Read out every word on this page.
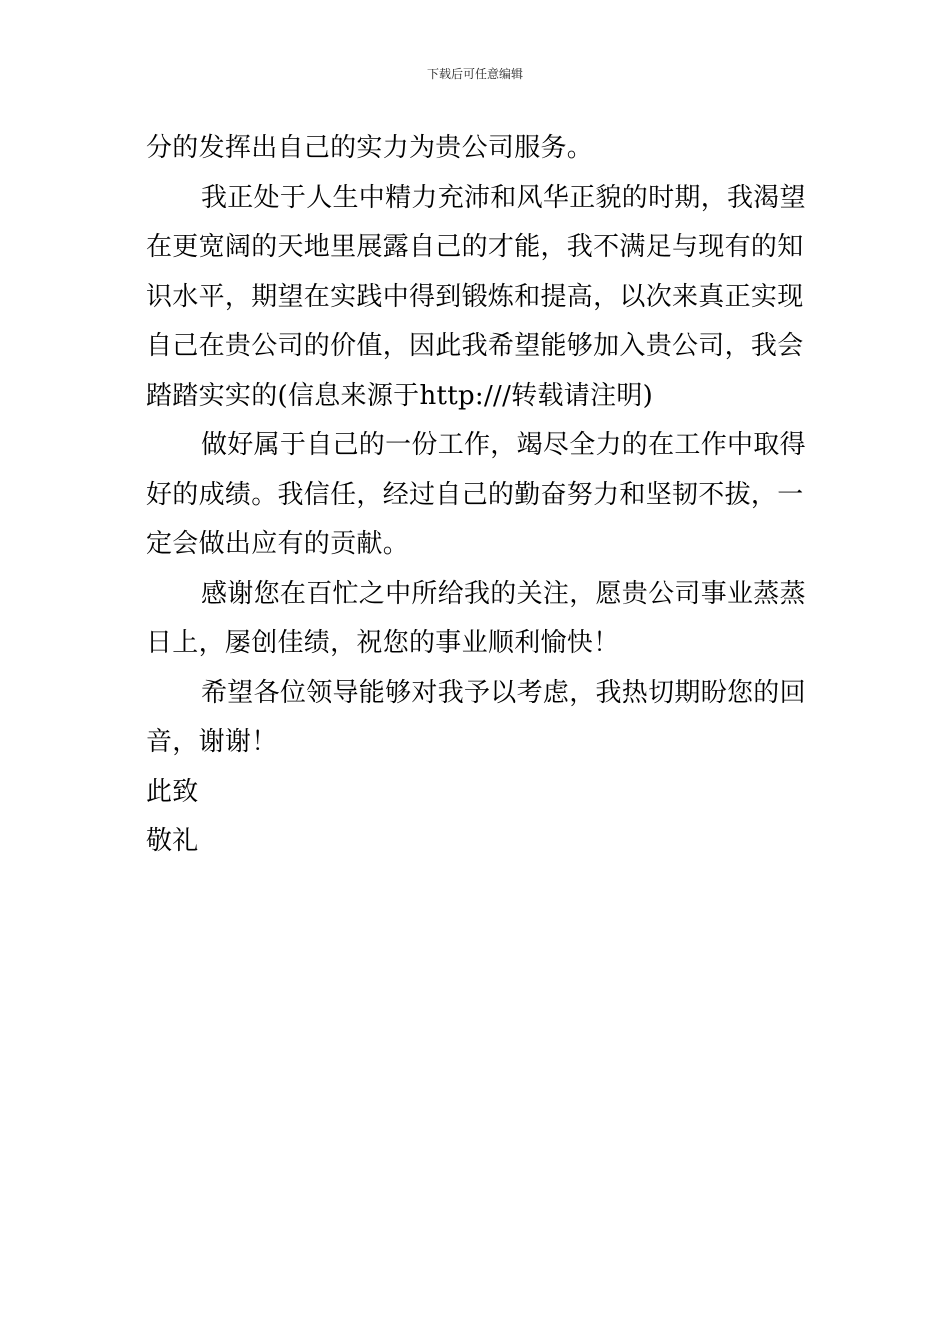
下载后可任意编辑
分的发挥出自己的实力为贵公司服务。
我正处于人生中精力充沛和风华正貌的时期，我渴望
在更宽阔的天地里展露自己的才能，我不满足与现有的知
识水平，期望在实践中得到锻炼和提高，以次来真正实现
自己在贵公司的价值，因此我希望能够加入贵公司，我会
踏踏实实的(信息来源于http:///转载请注明)
做好属于自己的一份工作，竭尽全力的在工作中取得
好的成绩。我信任，经过自己的勤奋努力和坚韧不拔，一
定会做出应有的贡献。
感谢您在百忙之中所给我的关注，愿贵公司事业蒸蒸
日上，屡创佳绩，祝您的事业顺利愉快！
希望各位领导能够对我予以考虑，我热切期盼您的回
音，谢谢！
此致
敬礼
